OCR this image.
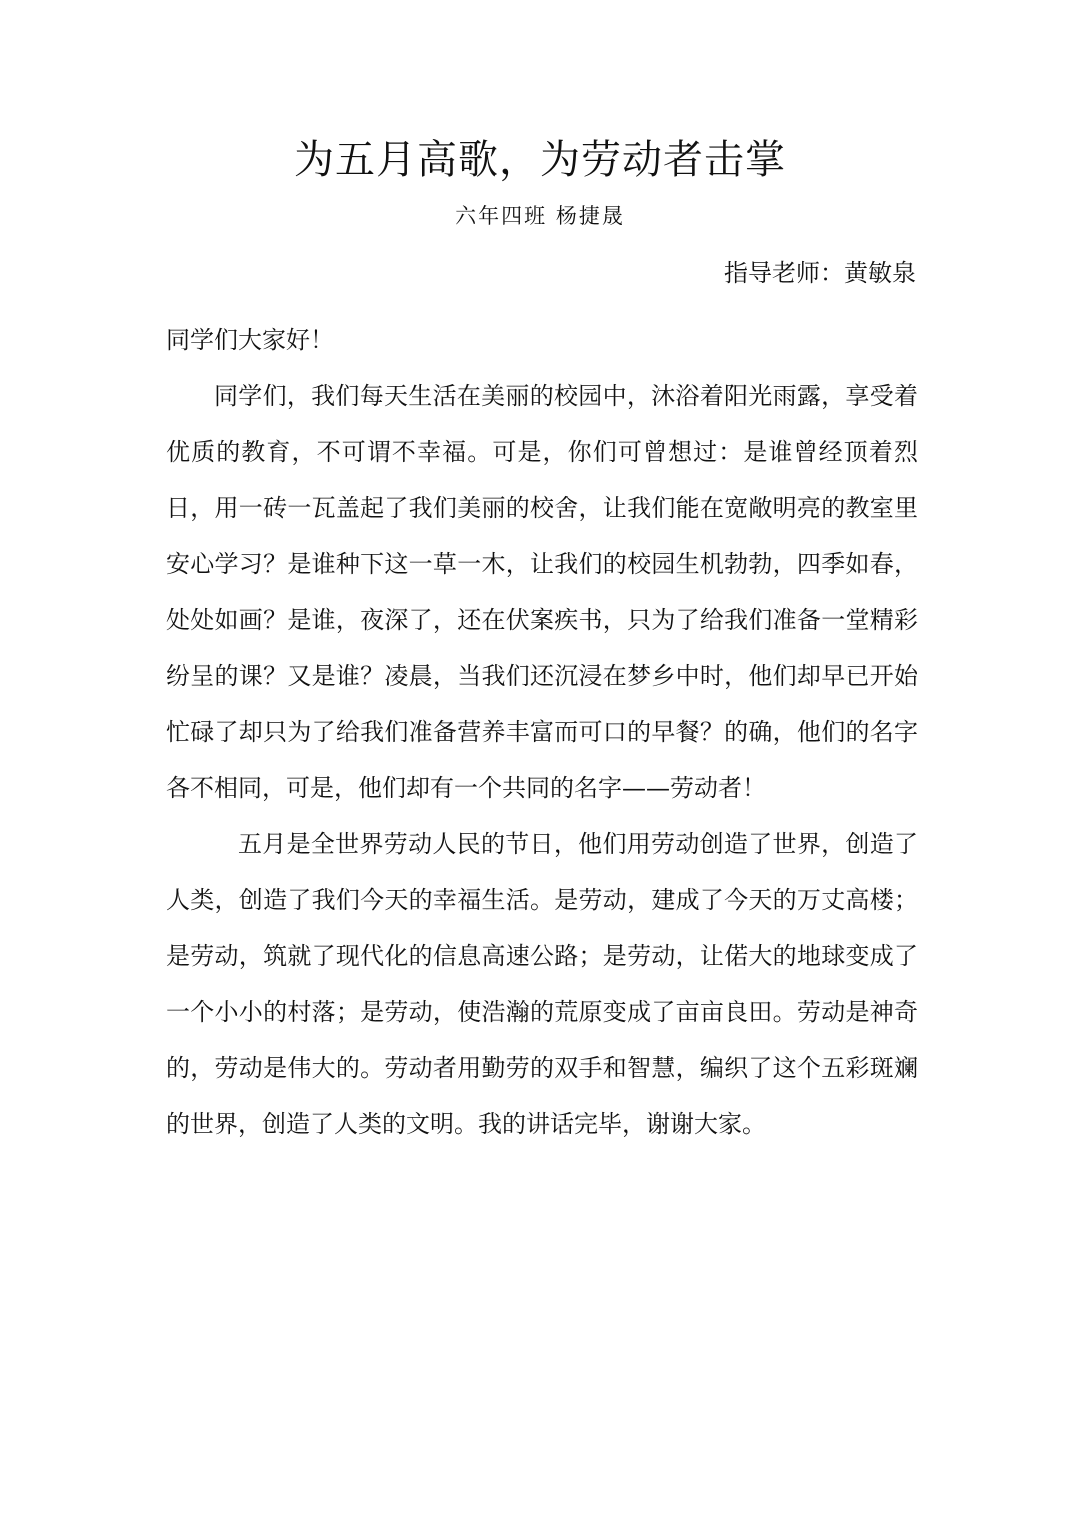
为五月高歌，为劳动者击掌
六年四班 杨捷晟
指导老师：黄敏泉

同学们大家好！

同学们，我们每天生活在美丽的校园中，沐浴着阳光雨露，享受着优质的教育，不可谓不幸福。可是，你们可曾想过：是谁曾经顶着烈日，用一砖一瓦盖起了我们美丽的校舍，让我们能在宽敞明亮的教室里安心学习？是谁种下这一草一木，让我们的校园生机勃勃，四季如春，处处如画？是谁，夜深了，还在伏案疾书，只为了给我们准备一堂精彩纷呈的课？又是谁？凌晨，当我们还沉浸在梦乡中时，他们却早已开始忙碌了却只为了给我们准备营养丰富而可口的早餐？的确，他们的名字各不相同，可是，他们却有一个共同的名字——劳动者！

五月是全世界劳动人民的节日，他们用劳动创造了世界，创造了人类，创造了我们今天的幸福生活。是劳动，建成了今天的万丈高楼；是劳动，筑就了现代化的信息高速公路；是劳动，让偌大的地球变成了一个小小的村落；是劳动，使浩瀚的荒原变成了亩亩良田。劳动是神奇的，劳动是伟大的。劳动者用勤劳的双手和智慧，编织了这个五彩斑斓的世界，创造了人类的文明。我的讲话完毕，谢谢大家。
